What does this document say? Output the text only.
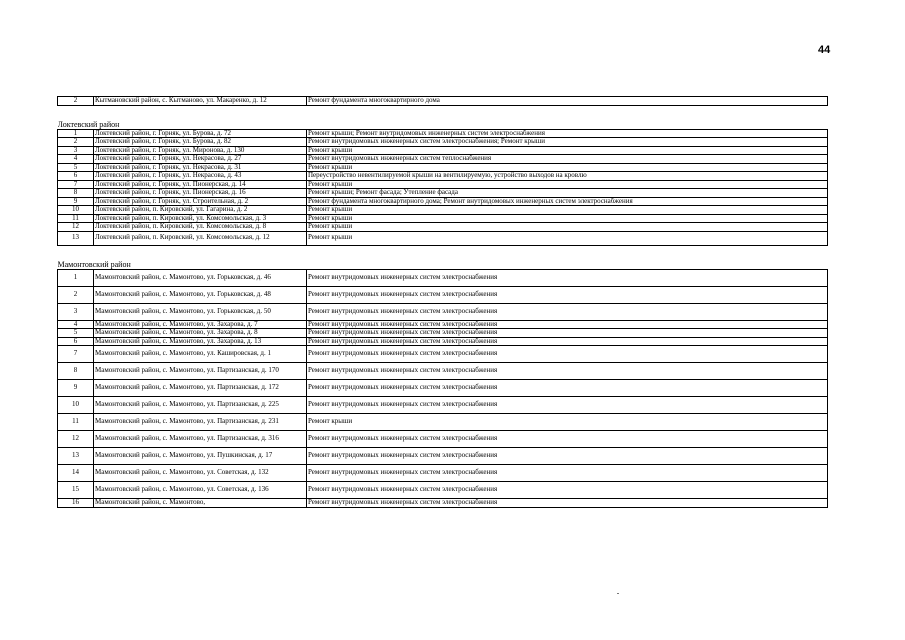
44
2	Кытмановский район, с. Кытманово, ул. Макаренко, д. 12	Ремонт фундамента многоквартирного дома

Локтевский район		
1	Локтевский район, г. Горняк, ул. Бурова, д. 72	Ремонт крыши; Ремонт внутридомовых инженерных систем электроснабжения
2	Локтевский район, г. Горняк, ул. Бурова, д. 82	Ремонт внутридомовых инженерных систем электроснабжения; Ремонт крыши
3	Локтевский район, г. Горняк, ул. Миронова, д. 130	Ремонт крыши
4	Локтевский район, г. Горняк, ул. Некрасова, д. 27	Ремонт внутридомовых инженерных систем теплоснабжения
5	Локтевский район, г. Горняк, ул. Некрасова, д. 31	Ремонт крыши
6	Локтевский район, г. Горняк, ул. Некрасова, д. 43	Переустройство невентилируемой крыши на вентилируемую, устройство выходов на кровлю
7	Локтевский район, г. Горняк, ул. Пионерская, д. 14	Ремонт крыши
8	Локтевский район, г. Горняк, ул. Пионерская, д. 16	Ремонт крыши; Ремонт фасада; Утепление фасада
9	Локтевский район, г. Горняк, ул. Строительная, д. 2	Ремонт фундамента многоквартирного дома; Ремонт внутридомовых инженерных систем электроснабжения
10	Локтевский район, п. Кировский, ул. Гагарина, д. 2	Ремонт крыши
11	Локтевский район, п. Кировский, ул. Комсомольская, д. 3	Ремонт крыши
12	Локтевский район, п. Кировский, ул. Комсомольская, д. 8	Ремонт крыши
13	Локтевский район, п. Кировский, ул. Комсомольская, д. 12	Ремонт крыши

Мамонтовский район		
1	Мамонтовский район, с. Мамонтово, ул. Горьковская, д. 46	Ремонт внутридомовых инженерных систем электроснабжения
2	Мамонтовский район, с. Мамонтово, ул. Горьковская, д. 48	Ремонт внутридомовых инженерных систем электроснабжения
3	Мамонтовский район, с. Мамонтово, ул. Горьковская, д. 50	Ремонт внутридомовых инженерных систем электроснабжения
4	Мамонтовский район, с. Мамонтово, ул. Захарова, д. 7	Ремонт внутридомовых инженерных систем электроснабжения
5	Мамонтовский район, с. Мамонтово, ул. Захарова, д. 8	Ремонт внутридомовых инженерных систем электроснабжения
6	Мамонтовский район, с. Мамонтово, ул. Захарова, д. 13	Ремонт внутридомовых инженерных систем электроснабжения
7	Мамонтовский район, с. Мамонтово, ул. Кашировская, д. 1	Ремонт внутридомовых инженерных систем электроснабжения
8	Мамонтовский район, с. Мамонтово, ул. Партизанская, д. 170	Ремонт внутридомовых инженерных систем электроснабжения
9	Мамонтовский район, с. Мамонтово, ул. Партизанская, д. 172	Ремонт внутридомовых инженерных систем электроснабжения
10	Мамонтовский район, с. Мамонтово, ул. Партизанская, д. 225	Ремонт внутридомовых инженерных систем электроснабжения
11	Мамонтовский район, с. Мамонтово, ул. Партизанская, д. 231	Ремонт крыши
12	Мамонтовский район, с. Мамонтово, ул. Партизанская, д. 316	Ремонт внутридомовых инженерных систем электроснабжения
13	Мамонтовский район, с. Мамонтово, ул. Пушкинская, д. 17	Ремонт внутридомовых инженерных систем электроснабжения
14	Мамонтовский район, с. Мамонтово, ул. Советская, д. 132	Ремонт внутридомовых инженерных систем электроснабжения
15	Мамонтовский район, с. Мамонтово, ул. Советская, д. 136	Ремонт внутридомовых инженерных систем электроснабжения
16	Мамонтовский район, с. Мамонтово,	Ремонт внутридомовых инженерных систем электроснабжения
